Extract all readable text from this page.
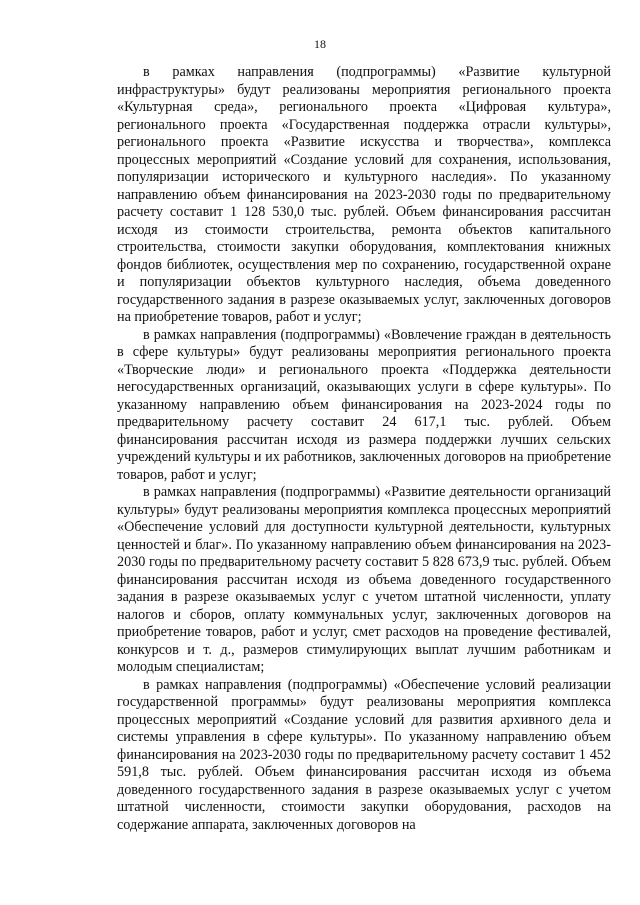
18

в рамках направления (подпрограммы) «Развитие культурной инфраструктуры» будут реализованы мероприятия регионального проекта «Культурная среда», регионального проекта «Цифровая культура», регионального проекта «Государственная поддержка отрасли культуры», регионального проекта «Развитие искусства и творчества», комплекса процессных мероприятий «Создание условий для сохранения, использования, популяризации исторического и культурного наследия». По указанному направлению объем финансирования на 2023-2030 годы по предварительному расчету составит 1 128 530,0 тыс. рублей. Объем финансирования рассчитан исходя из стоимости строительства, ремонта объектов капитального строительства, стоимости закупки оборудования, комплектования книжных фондов библиотек, осуществления мер по сохранению, государственной охране и популяризации объектов культурного наследия, объема доведенного государственного задания в разрезе оказываемых услуг, заключенных договоров на приобретение товаров, работ и услуг;

в рамках направления (подпрограммы) «Вовлечение граждан в деятельность в сфере культуры» будут реализованы мероприятия регионального проекта «Творческие люди» и регионального проекта «Поддержка деятельности негосударственных организаций, оказывающих услуги в сфере культуры». По указанному направлению объем финансирования на 2023-2024 годы по предварительному расчету составит 24 617,1 тыс. рублей. Объем финансирования рассчитан исходя из размера поддержки лучших сельских учреждений культуры и их работников, заключенных договоров на приобретение товаров, работ и услуг;

в рамках направления (подпрограммы) «Развитие деятельности организаций культуры» будут реализованы мероприятия комплекса процессных мероприятий «Обеспечение условий для доступности культурной деятельности, культурных ценностей и благ». По указанному направлению объем финансирования на 2023-2030 годы по предварительному расчету составит 5 828 673,9 тыс. рублей. Объем финансирования рассчитан исходя из объема доведенного государственного задания в разрезе оказываемых услуг с учетом штатной численности, уплату налогов и сборов, оплату коммунальных услуг, заключенных договоров на приобретение товаров, работ и услуг, смет расходов на проведение фестивалей, конкурсов и т. д., размеров стимулирующих выплат лучшим работникам и молодым специалистам;

в рамках направления (подпрограммы) «Обеспечение условий реализации государственной программы» будут реализованы мероприятия комплекса процессных мероприятий «Создание условий для развития архивного дела и системы управления в сфере культуры». По указанному направлению объем финансирования на 2023-2030 годы по предварительному расчету составит 1 452 591,8 тыс. рублей. Объем финансирования рассчитан исходя из объема доведенного государственного задания в разрезе оказываемых услуг с учетом штатной численности, стоимости закупки оборудования, расходов на содержание аппарата, заключенных договоров на
